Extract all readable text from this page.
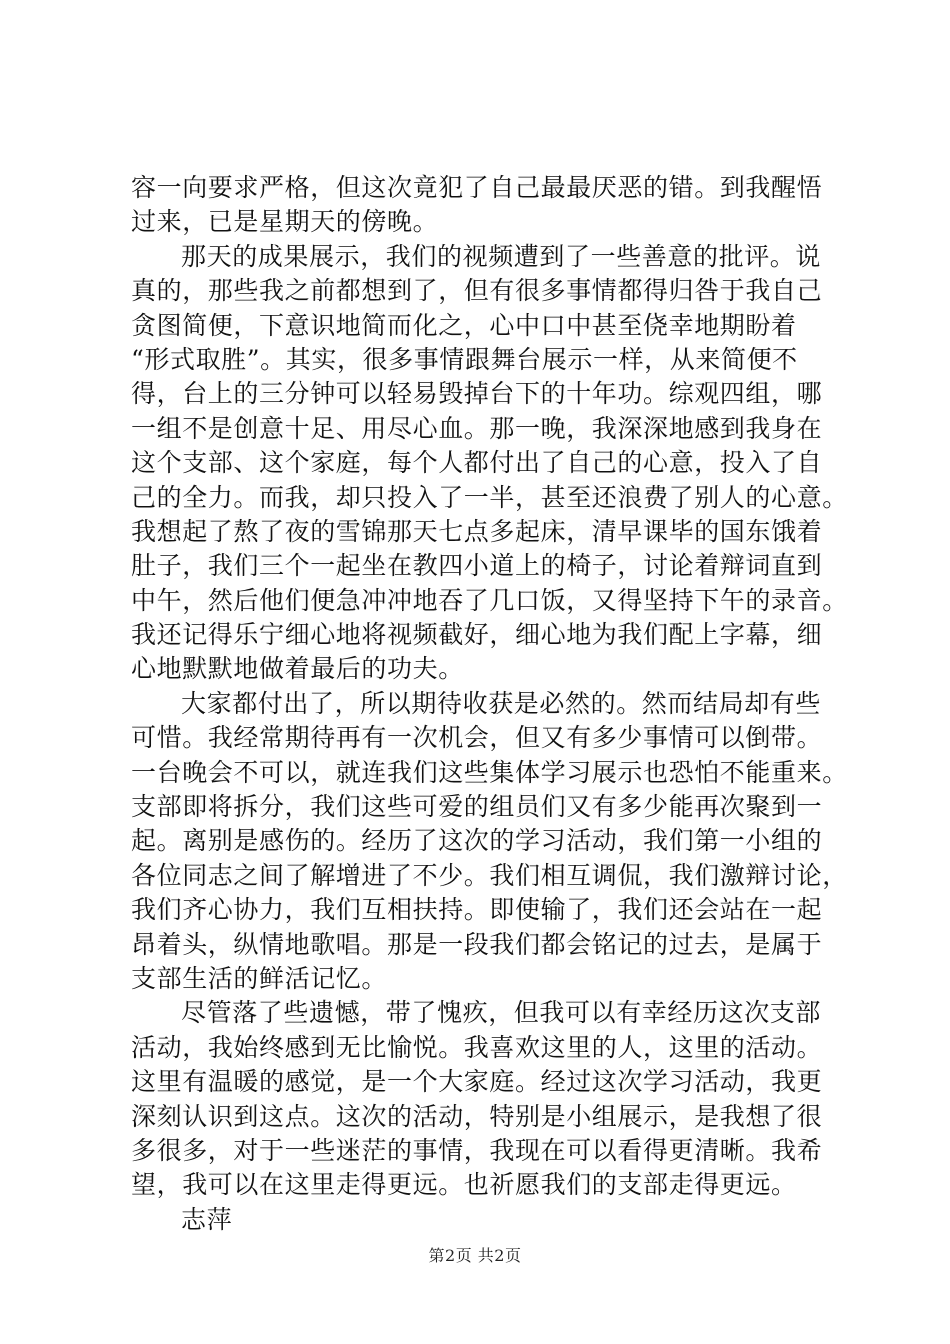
容一向要求严格，但这次竟犯了自己最最厌恶的错。到我醒悟
过来，已是星期天的傍晚。
那天的成果展示，我们的视频遭到了一些善意的批评。说
真的，那些我之前都想到了，但有很多事情都得归咎于我自己
贪图简便，下意识地简而化之，心中口中甚至侥幸地期盼着
“形式取胜”。其实，很多事情跟舞台展示一样，从来简便不
得，台上的三分钟可以轻易毁掉台下的十年功。综观四组，哪
一组不是创意十足、用尽心血。那一晚，我深深地感到我身在
这个支部、这个家庭，每个人都付出了自己的心意，投入了自
己的全力。而我，却只投入了一半，甚至还浪费了别人的心意。
我想起了熬了夜的雪锦那天七点多起床，清早课毕的国东饿着
肚子，我们三个一起坐在教四小道上的椅子，讨论着辩词直到
中午，然后他们便急冲冲地吞了几口饭，又得坚持下午的录音。
我还记得乐宁细心地将视频截好，细心地为我们配上字幕，细
心地默默地做着最后的功夫。
大家都付出了，所以期待收获是必然的。然而结局却有些
可惜。我经常期待再有一次机会，但又有多少事情可以倒带。
一台晚会不可以，就连我们这些集体学习展示也恐怕不能重来。
支部即将拆分，我们这些可爱的组员们又有多少能再次聚到一
起。离别是感伤的。经历了这次的学习活动，我们第一小组的
各位同志之间了解增进了不少。我们相互调侃，我们激辩讨论，
我们齐心协力，我们互相扶持。即使输了，我们还会站在一起
昂着头，纵情地歌唱。那是一段我们都会铭记的过去，是属于
支部生活的鲜活记忆。
尽管落了些遗憾，带了愧疚，但我可以有幸经历这次支部
活动，我始终感到无比愉悦。我喜欢这里的人，这里的活动。
这里有温暖的感觉，是一个大家庭。经过这次学习活动，我更
深刻认识到这点。这次的活动，特别是小组展示，是我想了很
多很多，对于一些迷茫的事情，我现在可以看得更清晰。我希
望，我可以在这里走得更远。也祈愿我们的支部走得更远。
志萍
第2页 共2页
